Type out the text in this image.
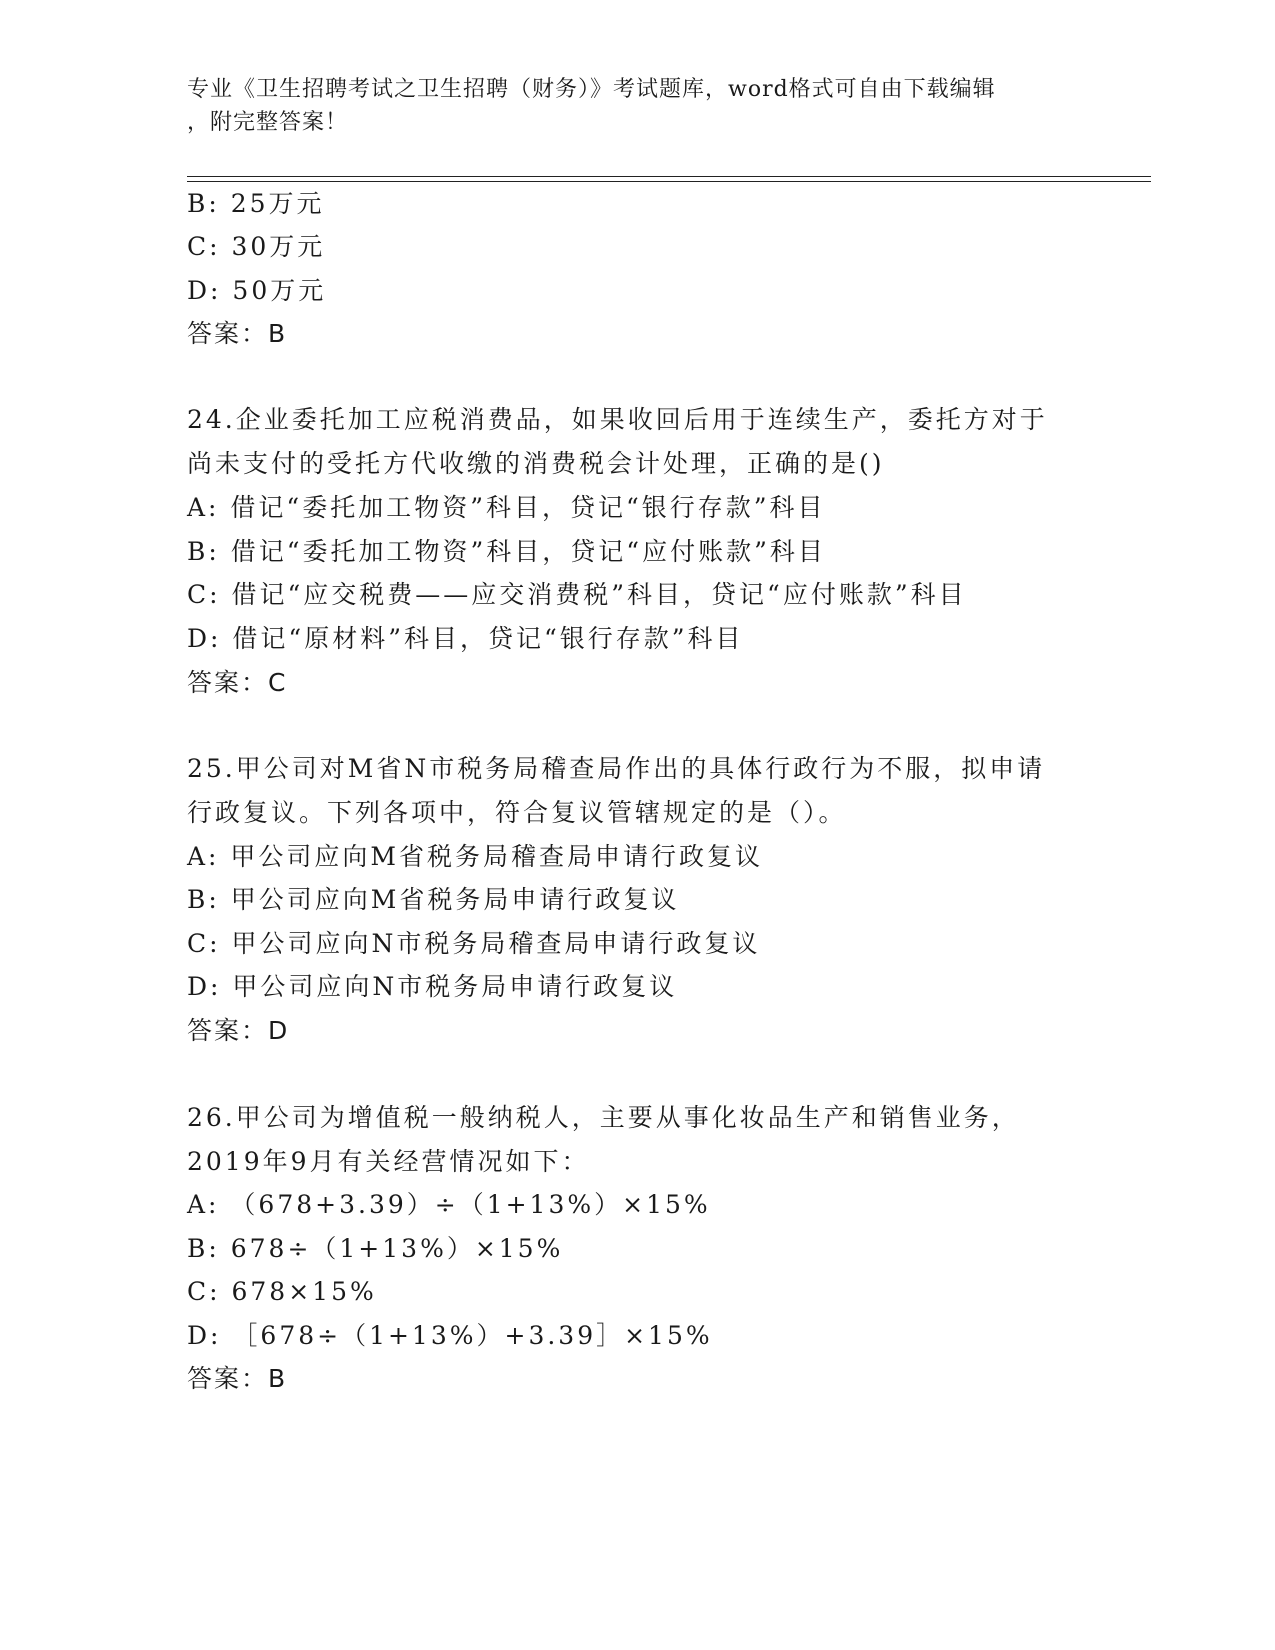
专业《卫生招聘考试之卫生招聘（财务）》考试题库，word格式可自由下载编辑
，附完整答案！
B: 25万元
C: 30万元
D: 50万元
答案：B
24.企业委托加工应税消费品，如果收回后用于连续生产，委托方对于
尚未支付的受托方代收缴的消费税会计处理，正确的是()
A: 借记“委托加工物资”科目，贷记“银行存款”科目
B: 借记“委托加工物资”科目，贷记“应付账款”科目
C: 借记“应交税费——应交消费税”科目，贷记“应付账款”科目
D: 借记“原材料”科目，贷记“银行存款”科目
答案：C
25.甲公司对M省N市税务局稽查局作出的具体行政行为不服，拟申请
行政复议。下列各项中，符合复议管辖规定的是（）。
A: 甲公司应向M省税务局稽查局申请行政复议
B: 甲公司应向M省税务局申请行政复议
C: 甲公司应向N市税务局稽查局申请行政复议
D: 甲公司应向N市税务局申请行政复议
答案：D
26.甲公司为增值税一般纳税人，主要从事化妆品生产和销售业务，
2019年9月有关经营情况如下：
A: （678+3.39）÷（1+13%）×15%
B: 678÷（1+13%）×15%
C: 678×15%
D: ［678÷（1+13%）+3.39］×15%
答案：B
